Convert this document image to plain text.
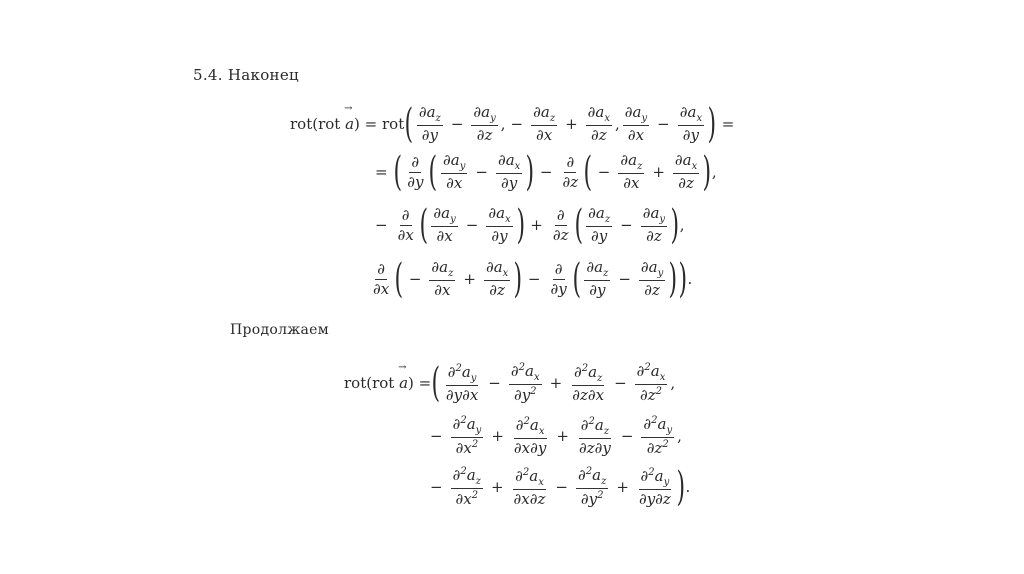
5.4. Наконец
rot(rot → a) = rot ( $\frac{\partial a_z}{\partial y} - \frac{\partial a_y}{\partial z}$ , − $\frac{\partial a_z}{\partial x} + \frac{\partial a_x}{\partial z}$ , $\frac{\partial a_y}{\partial x} - \frac{\partial a_x}{\partial y}$ ) =
= ( $\frac{\partial}{\partial y}$ ( $\frac{\partial a_y}{\partial x} - \frac{\partial a_x}{\partial y}$ ) − $\frac{\partial}{\partial z}$ ( − $\frac{\partial a_z}{\partial x} + \frac{\partial a_x}{\partial z}$ ) ,
− $\frac{\partial}{\partial x}$ ( $\frac{\partial a_y}{\partial x} - \frac{\partial a_x}{\partial y}$ ) + $\frac{\partial}{\partial z}$ ( $\frac{\partial a_z}{\partial y} - \frac{\partial a_y}{\partial z}$ ) ,
$\frac{\partial}{\partial x}$ ( − $\frac{\partial a_z}{\partial x} + \frac{\partial a_x}{\partial z}$ ) − $\frac{\partial}{\partial y}$ ( $\frac{\partial a_z}{\partial y} - \frac{\partial a_y}{\partial z}$ ) ) .
Продолжаем
rot(rot → a) = ( $\frac{\partial^2a_y}{\partial y\partial x} - \frac{\partial^2a_x}{\partial y^2} + \frac{\partial^2a_z}{\partial z\partial x} - \frac{\partial^2a_x}{\partial z^2}$ ,
− $\frac{\partial^2a_y}{\partial x^2} + \frac{\partial^2a_x}{\partial x\partial y} + \frac{\partial^2a_z}{\partial z\partial y} - \frac{\partial^2a_y}{\partial z^2}$ ,
− $\frac{\partial^2a_z}{\partial x^2} + \frac{\partial^2a_x}{\partial x\partial z} - \frac{\partial^2a_z}{\partial y^2} + \frac{\partial^2a_y}{\partial y\partial z}$ ) .
